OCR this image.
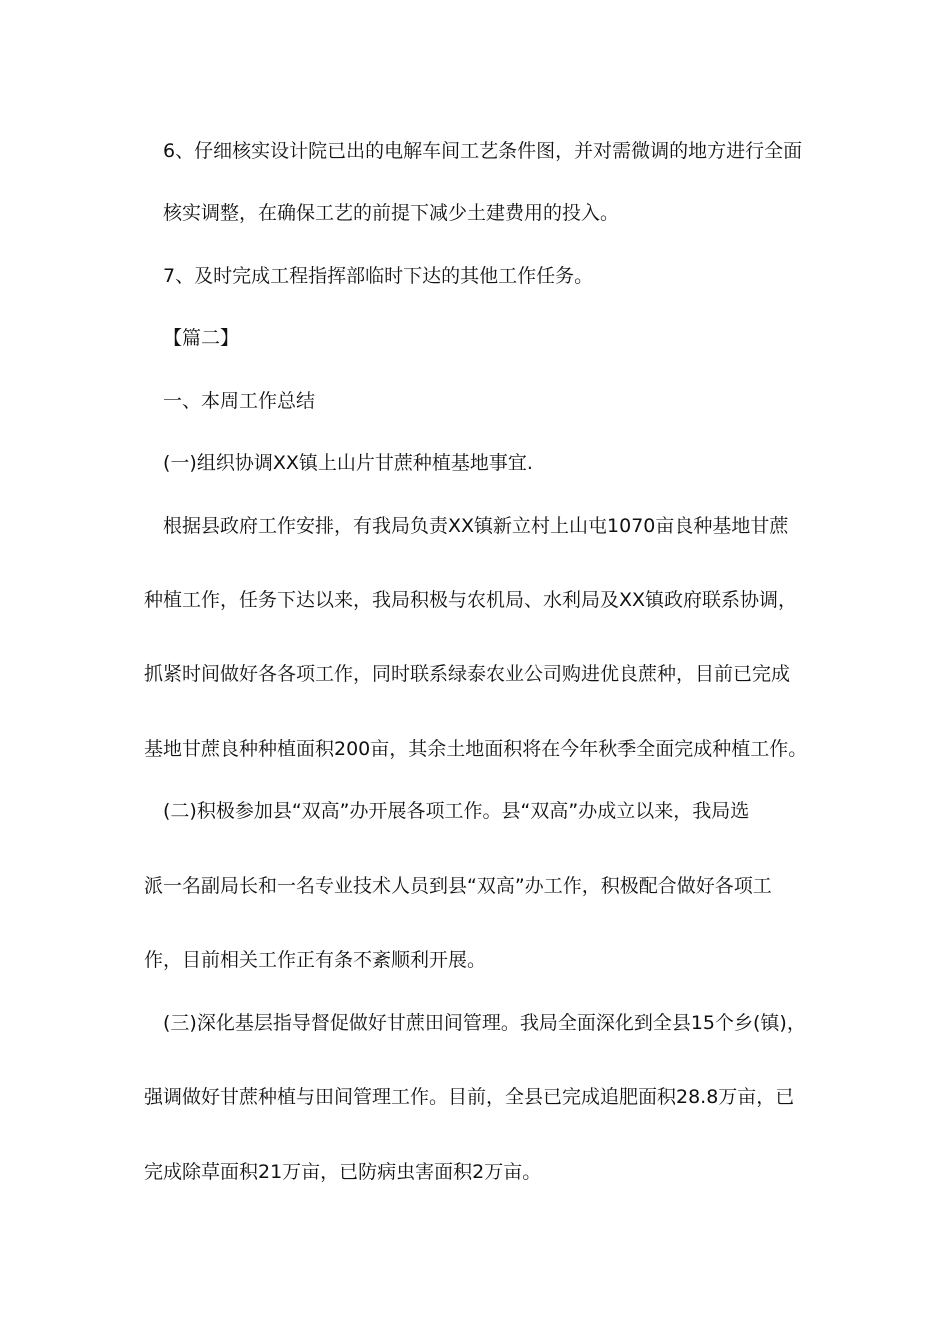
6、仔细核实设计院已出的电解车间工艺条件图，并对需微调的地方进行全面
核实调整，在确保工艺的前提下减少土建费用的投入。
7、及时完成工程指挥部临时下达的其他工作任务。
【篇二】
一、本周工作总结
(一)组织协调XX镇上山片甘蔗种植基地事宜.
根据县政府工作安排，有我局负责XX镇新立村上山屯1070亩良种基地甘蔗
种植工作，任务下达以来，我局积极与农机局、水利局及XX镇政府联系协调，
抓紧时间做好各各项工作，同时联系绿泰农业公司购进优良蔗种，目前已完成
基地甘蔗良种种植面积200亩，其余土地面积将在今年秋季全面完成种植工作。
(二)积极参加县“双高”办开展各项工作。县“双高”办成立以来，我局选
派一名副局长和一名专业技术人员到县“双高”办工作，积极配合做好各项工
作，目前相关工作正有条不紊顺利开展。
(三)深化基层指导督促做好甘蔗田间管理。我局全面深化到全县15个乡(镇)，
强调做好甘蔗种植与田间管理工作。目前，全县已完成追肥面积28.8万亩，已
完成除草面积21万亩，已防病虫害面积2万亩。
